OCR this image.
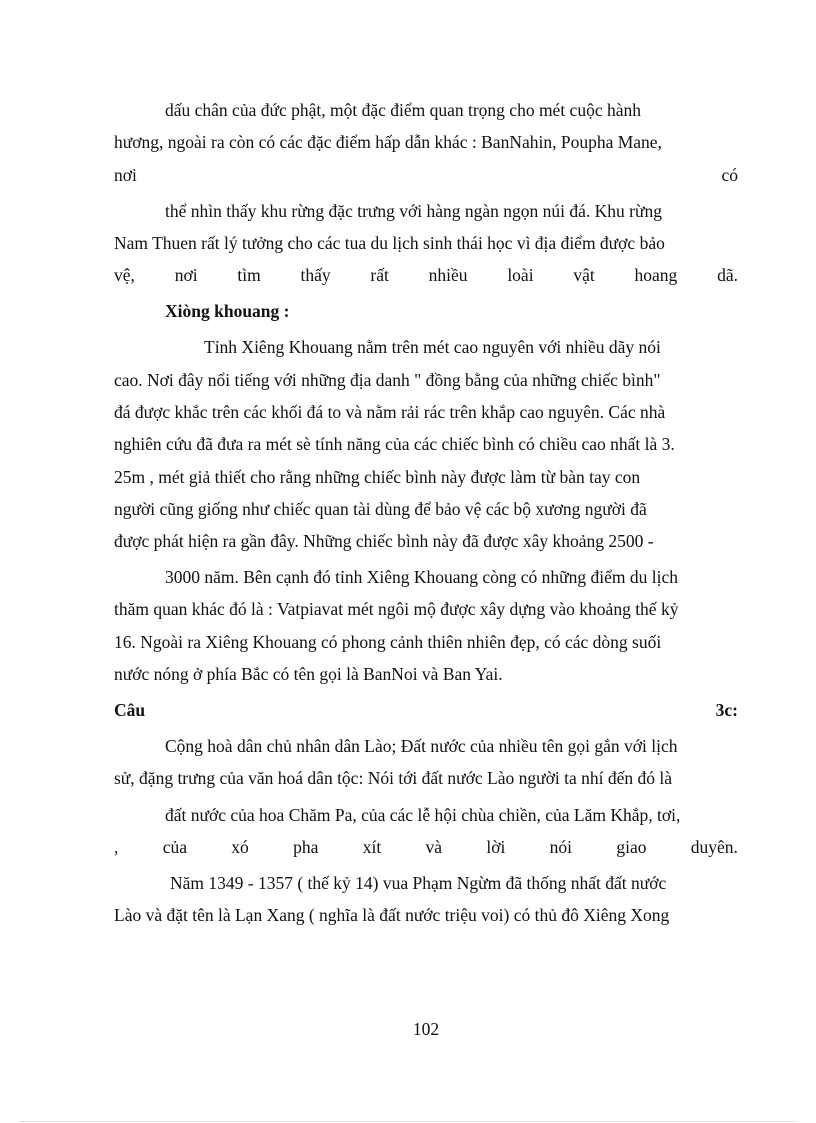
dấu chân của đức phật, một đặc điểm quan trọng cho mét cuộc hành
hương, ngoài ra còn có các đặc điểm hấp dẫn khác : BanNahin, Poupha Mane,
nơi	có
thể nhìn thấy khu rừng đặc trưng với hàng ngàn ngọn núi đá. Khu rừng
Nam Thuen rất lý tưởng cho các tua du lịch sinh thái học vì địa điểm được bảo
vệ, nơi tìm thấy rất nhiều loài vật hoang dã.
Xiòng khouang :
Tỉnh Xiêng Khouang nằm trên mét cao nguyên với nhiều dãy nói
cao. Nơi đây nổi tiếng với những địa danh " đồng bằng của những chiếc bình"
đá được khắc trên các khối đá to và nằm rải rác trên khắp cao nguyên. Các nhà
nghiên cứu đã đưa ra mét sè tính năng của các chiếc bình có chiều cao nhất là 3.
25m , mét giả thiết cho rằng những chiếc bình này được làm từ bàn tay con
người cũng giống như chiếc quan tài dùng để bảo vệ các bộ xương người đã
được phát hiện ra gần đây. Những chiếc bình này đã được xây khoảng 2500 -
3000 năm. Bên cạnh đó tỉnh Xiêng Khouang còng có những điểm du lịch
thăm quan khác đó là : Vatpiavat mét ngôi mộ được xây dựng vào khoảng thế kỷ
16. Ngoài ra Xiêng Khouang có phong cảnh thiên nhiên đẹp, có các dòng suối
nước nóng ở phía Bắc có tên gọi là BanNoi và Ban Yai.
Câu	3c:
Cộng hoà dân chủ nhân dân Lào; Đất nước của nhiều tên gọi gắn với lịch
sử, đặng trưng của văn hoá dân tộc: Nói tới đất nước Lào người ta nhí đến đó là
đất nước của hoa Chăm Pa, của các lễ hội chùa chiền, của Lăm Khắp, tơi,
,	của	xó	pha	xít	và	lời	nói	giao	duyên.
Năm 1349 - 1357 ( thế kỷ 14) vua Phạm Ngừm đã thống nhất đất nước
Lào và đặt tên là Lạn Xang ( nghĩa là đất nước triệu voi) có thủ đô Xiêng Xong
102
